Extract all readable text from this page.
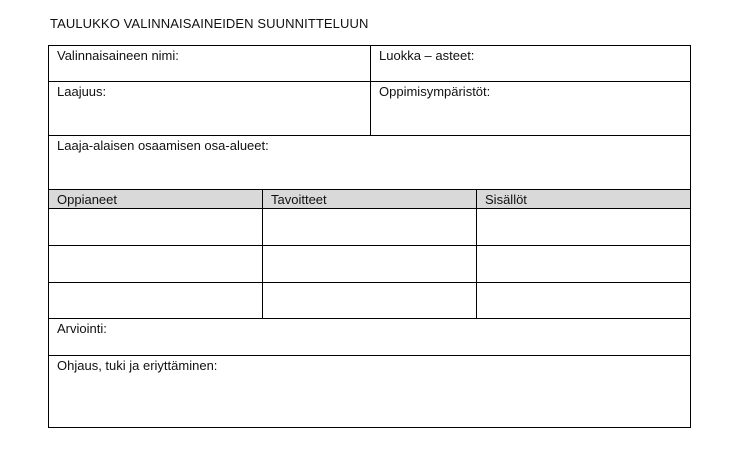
TAULUKKO VALINNAISAINEIDEN SUUNNITTELUUN
Valinnaisaineen nimi:		Luokka – asteet:	
Laajuus:		Oppimisympäristöt:	
Laaja-alaisen osaamisen osa-alueet:			
Oppianeet	Tavoitteet		Sisällöt

Arviointi:			
Ohjaus, tuki ja eriyttäminen:			
